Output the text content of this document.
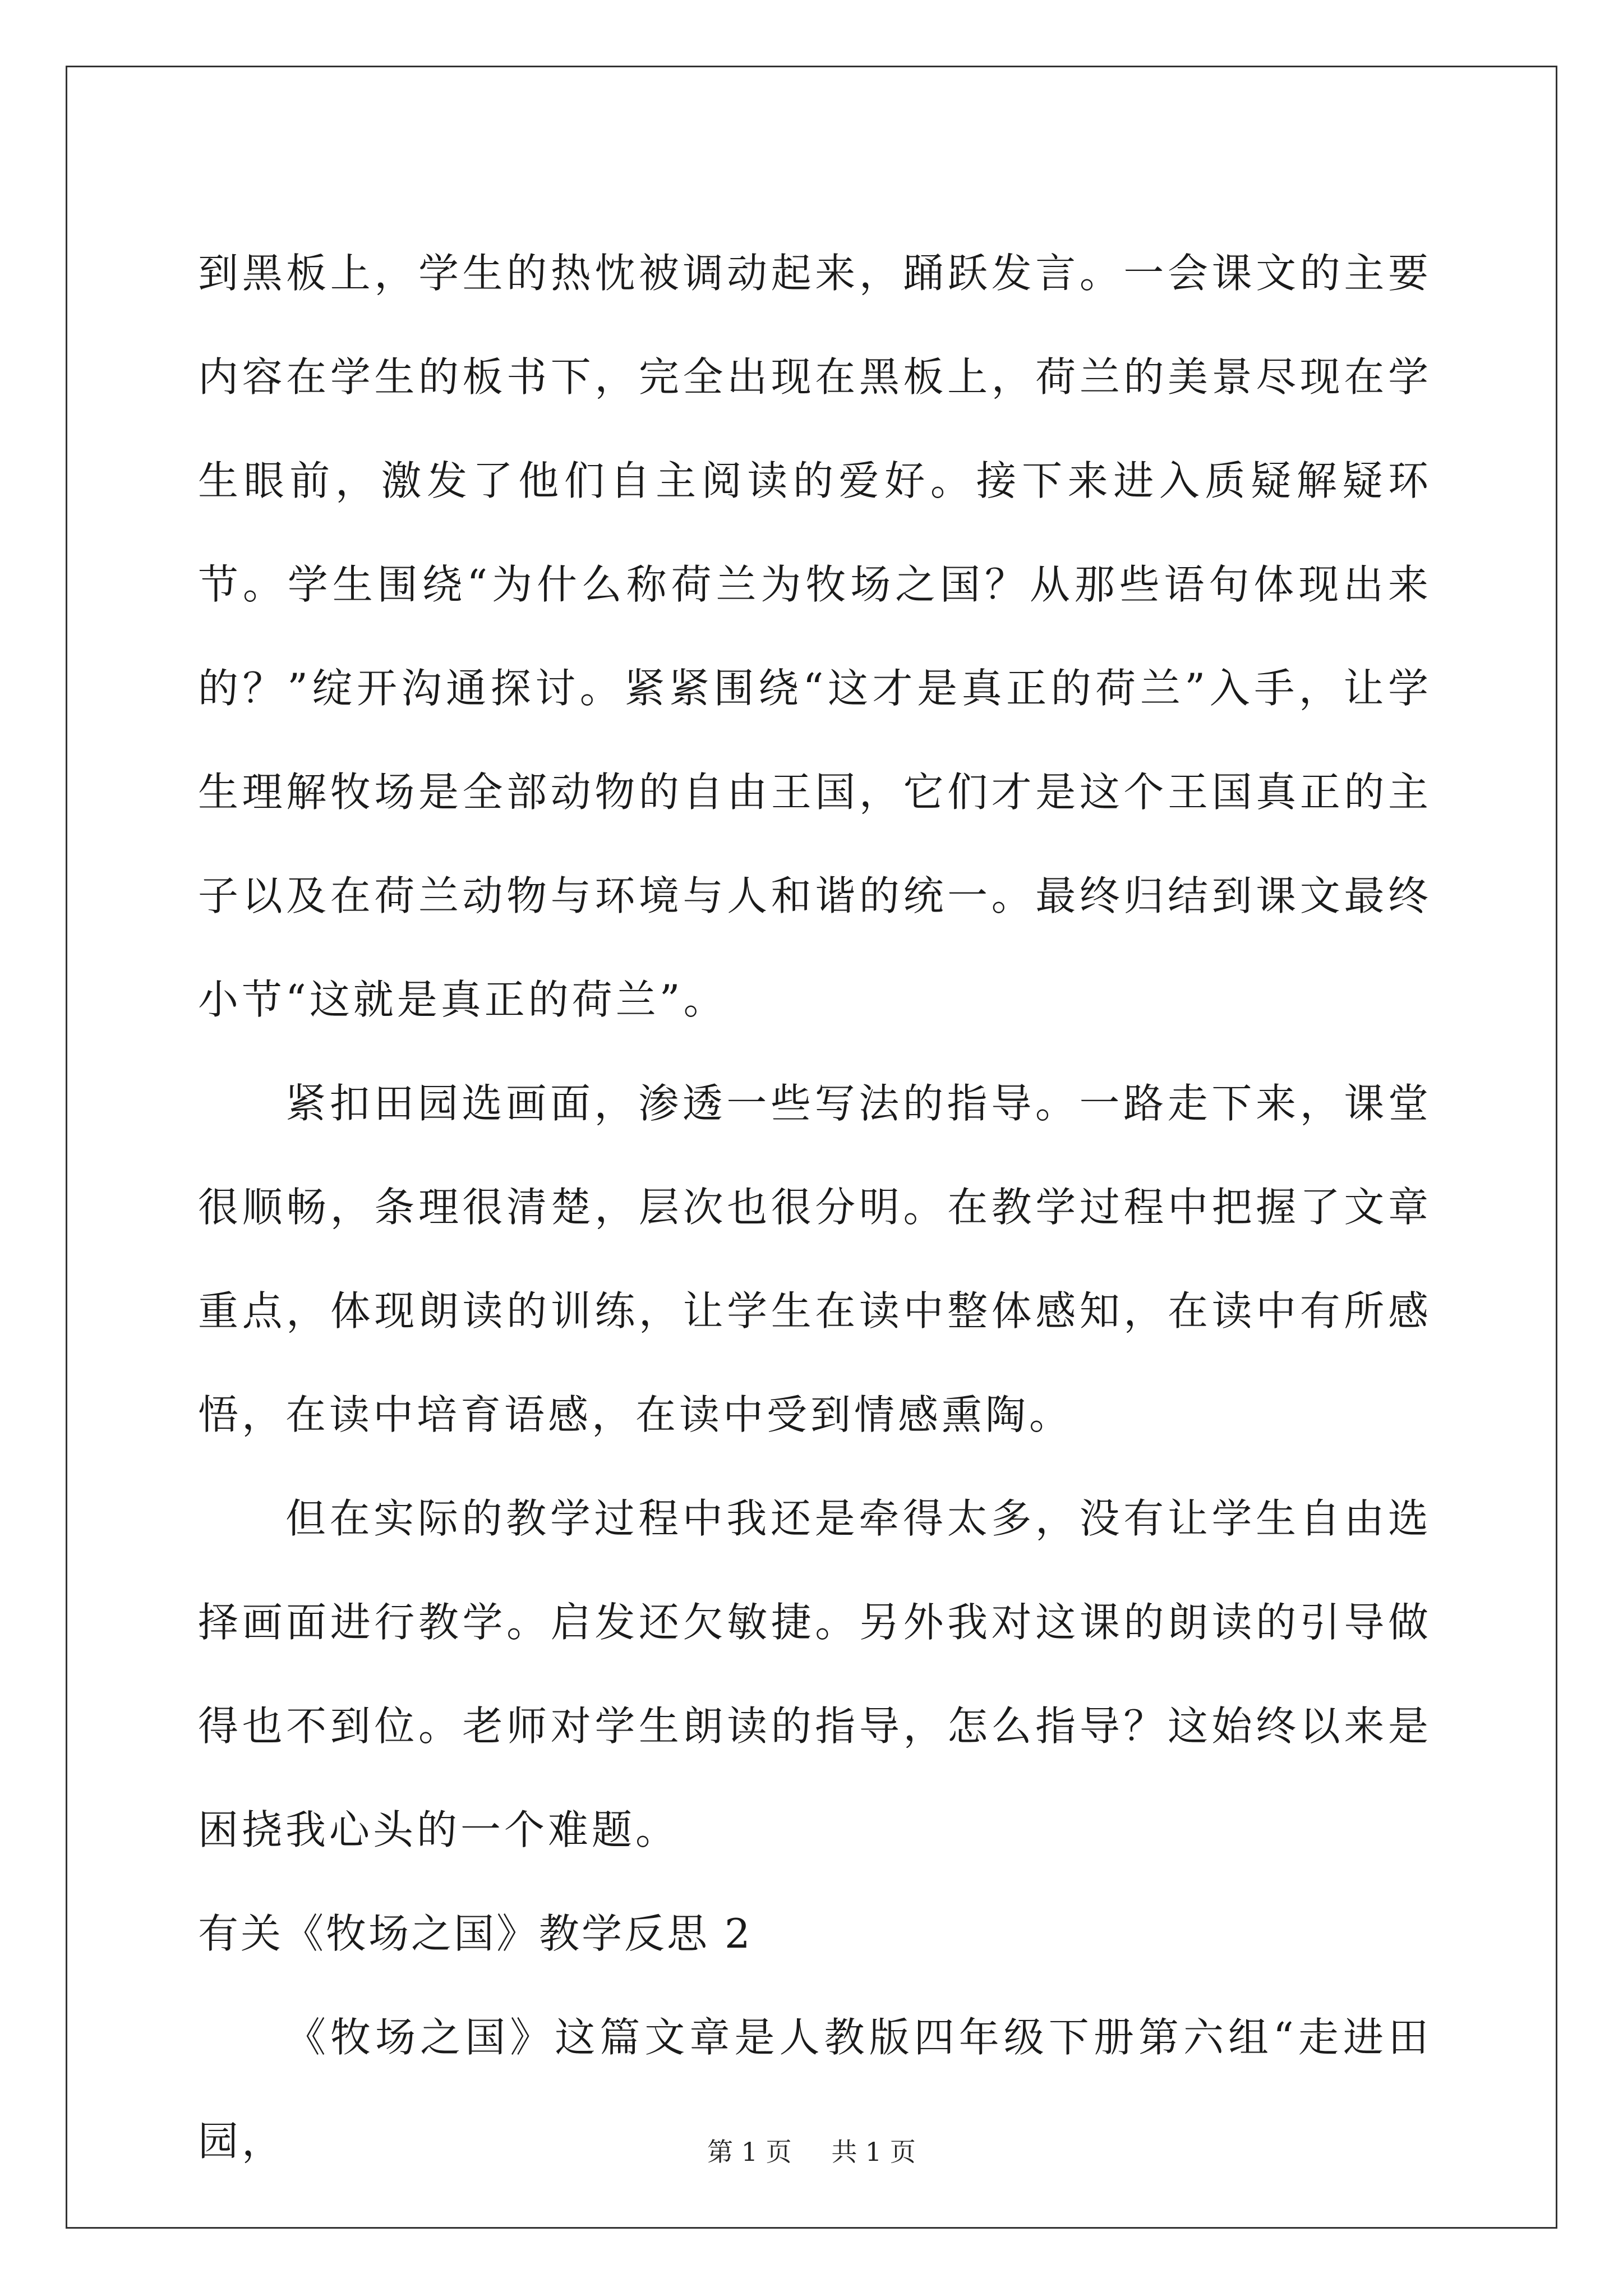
到黑板上，学生的热忱被调动起来，踊跃发言。一会课文的主要内容在学生的板书下，完全出现在黑板上，荷兰的美景尽现在学生眼前，激发了他们自主阅读的爱好。接下来进入质疑解疑环节。学生围绕“为什么称荷兰为牧场之国？从那些语句体现出来的？”绽开沟通探讨。紧紧围绕“这才是真正的荷兰”入手，让学生理解牧场是全部动物的自由王国，它们才是这个王国真正的主子以及在荷兰动物与环境与人和谐的统一。最终归结到课文最终小节“这就是真正的荷兰”。

紧扣田园选画面，渗透一些写法的指导。一路走下来，课堂很顺畅，条理很清楚，层次也很分明。在教学过程中把握了文章重点，体现朗读的训练，让学生在读中整体感知，在读中有所感悟，在读中培育语感，在读中受到情感熏陶。

但在实际的教学过程中我还是牵得太多，没有让学生自由选择画面进行教学。启发还欠敏捷。另外我对这课的朗读的引导做得也不到位。老师对学生朗读的指导，怎么指导？这始终以来是困挠我心头的一个难题。

有关《牧场之国》教学反思 2

《牧场之国》这篇文章是人教版四年级下册第六组“走进田园，	第 1 页 共 1 页
